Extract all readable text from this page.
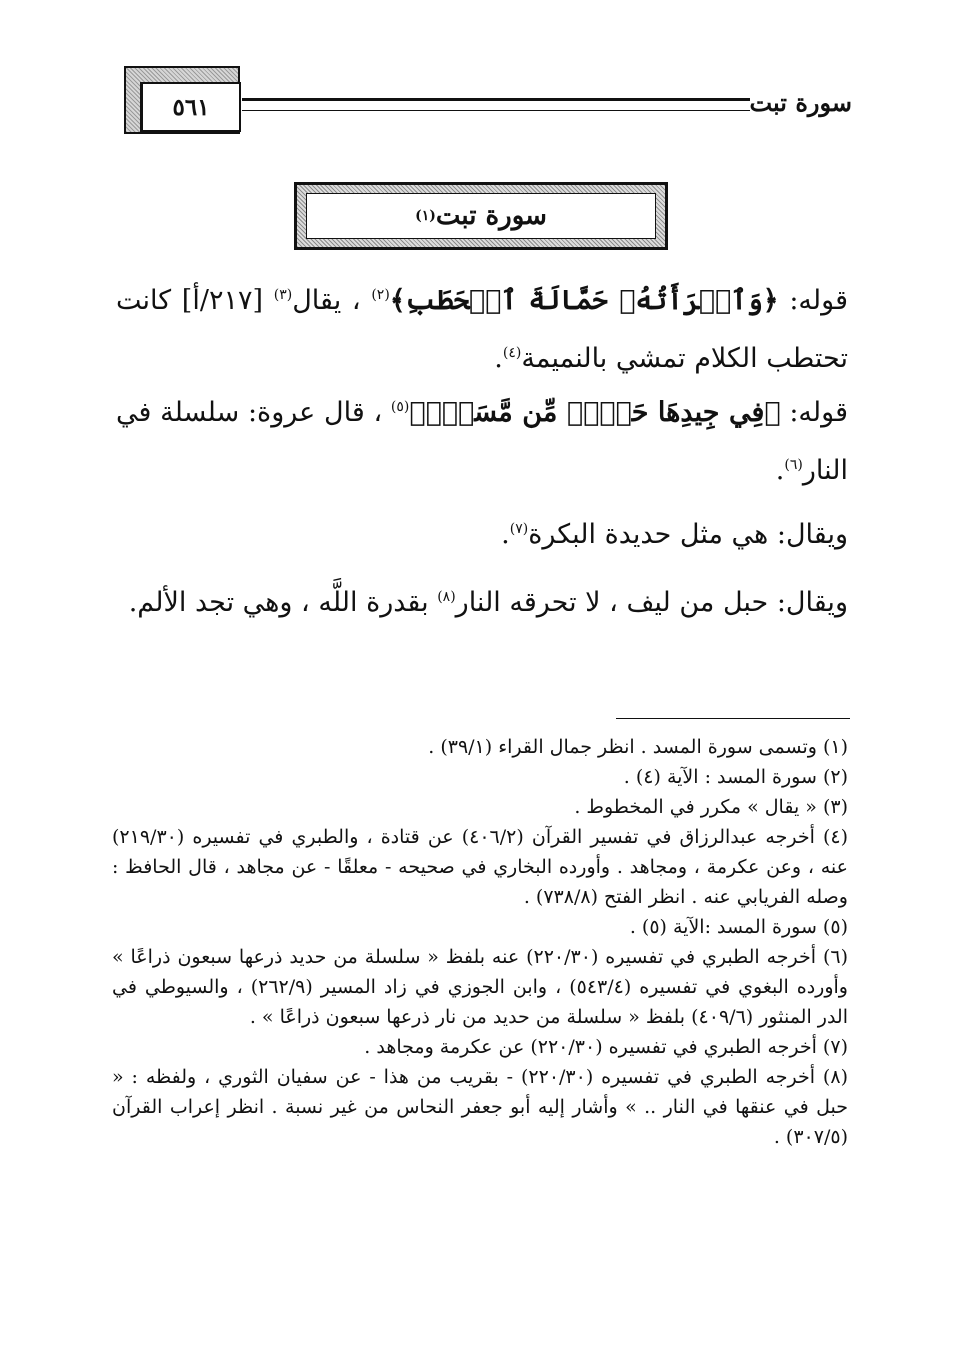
سورة تبت
٥٦١
سورة تبت
(١)
قوله: ﴿وَٱمۡرَأَتُهُۥ حَمَّالَةَ ٱلۡحَطَبِ﴾$^{(٢)}$ ، يقال$^{(٣)}$ [٢١٧/أ] كانت تحتطب الكلام تمشي بالنميمة$^{(٤)}$.
قوله: ﴿فِي جِيدِهَا حَبۡلٞ مِّن مَّسَدِۭ﴾$^{(٥)}$ ، قال عروة: سلسلة في النار$^{(٦)}$.
ويقال: هي مثل حديدة البكرة$^{(٧)}$.
ويقال: حبل من ليف ، لا تحرقه النار$^{(٨)}$ بقدرة اللَّه ، وهي تجد الألم.
(١) وتسمى سورة المسد . انظر جمال القراء (٣٩/١) .
(٢) سورة المسد : الآية (٤) .
(٣) « يقال » مكرر في المخطوط .
(٤) أخرجه عبدالرزاق في تفسير القرآن (٤٠٦/٢) عن قتادة ، والطبري في تفسيره (٢١٩/٣٠) عنه ، وعن عكرمة ، ومجاهد . وأورده البخاري في صحيحه - معلقًا - عن مجاهد ، قال الحافظ : وصله الفريابي عنه . انظر الفتح (٧٣٨/٨) .
(٥) سورة المسد :الآية (٥) .
(٦) أخرجه الطبري في تفسيره (٢٢٠/٣٠) عنه بلفظ « سلسلة من حديد ذرعها سبعون ذراعًا » وأورده البغوي في تفسيره (٥٤٣/٤) ، وابن الجوزي في زاد المسير (٢٦٢/٩) ، والسيوطي في الدر المنثور (٤٠٩/٦) بلفظ « سلسلة من حديد من نار ذرعها سبعون ذراعًا » .
(٧) أخرجه الطبري في تفسيره (٢٢٠/٣٠) عن عكرمة ومجاهد .
(٨) أخرجه الطبري في تفسيره (٢٢٠/٣٠) - بقريب من هذا - عن سفيان الثوري ، ولفظه : « حبل في عنقها في النار .. » وأشار إليه أبو جعفر النحاس من غير نسبة . انظر إعراب القرآن (٣٠٧/٥) .
